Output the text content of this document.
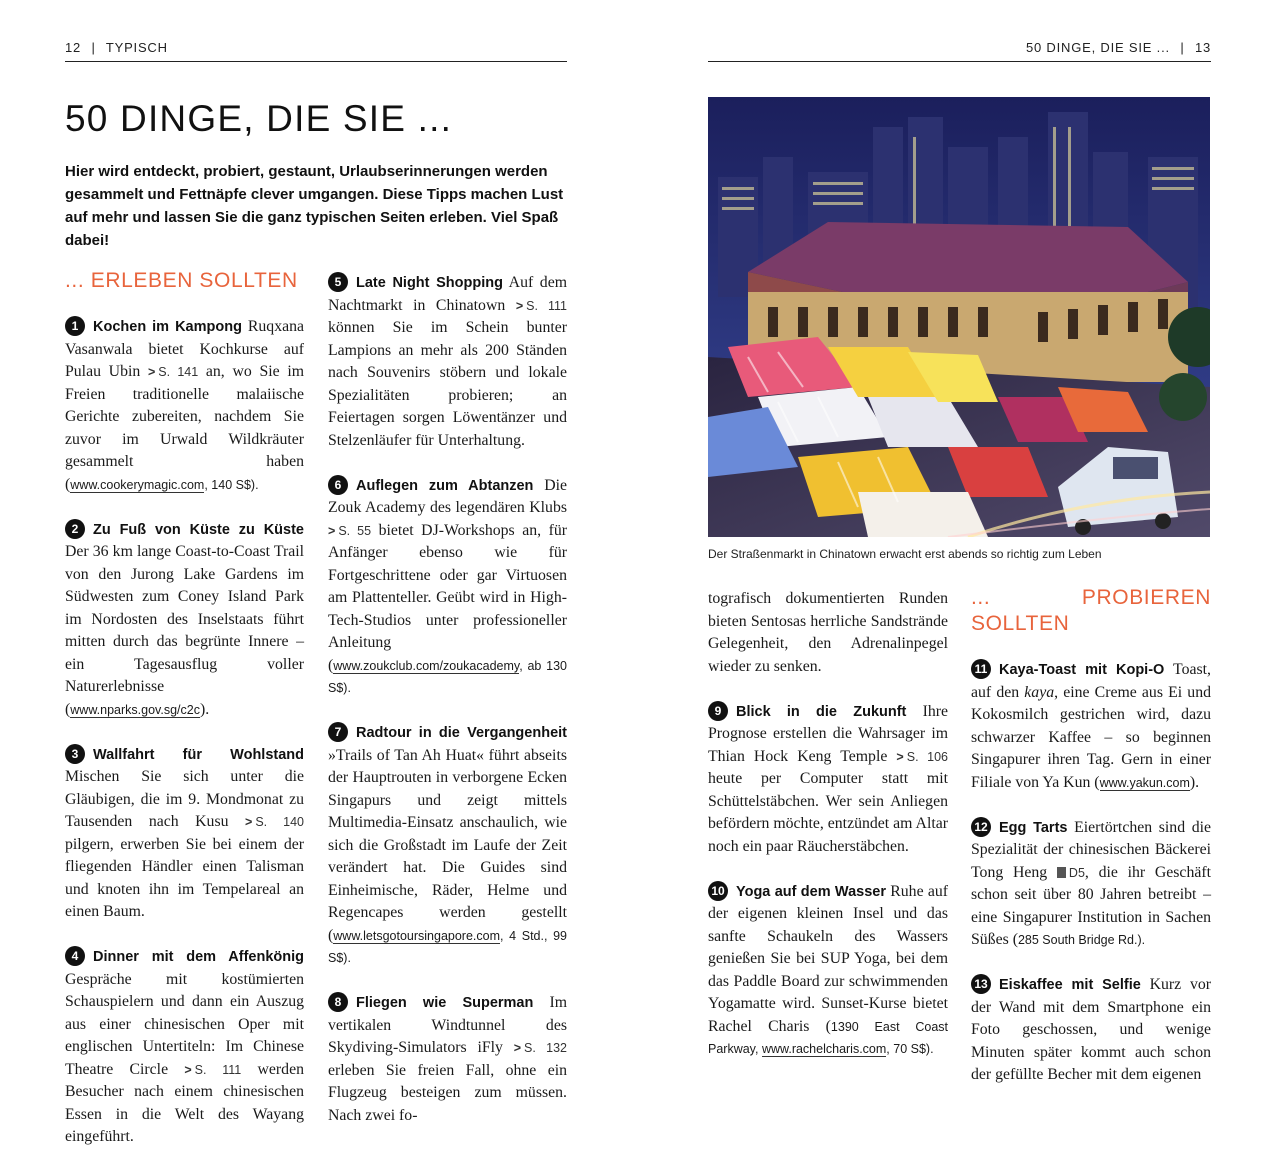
12 | TYPISCH	50 DINGE, DIE SIE ... | 13
50 DINGE, DIE SIE ...
Hier wird entdeckt, probiert, gestaunt, Urlaubserinnerungen werden gesammelt und Fettnäpfe clever umgangen. Diese Tipps machen Lust auf mehr und lassen Sie die ganz typischen Seiten erleben. Viel Spaß dabei!
... ERLEBEN SOLLTEN

1 Kochen im Kampong Ruqxana Vasanwala bietet Kochkurse auf Pulau Ubin > S. 141 an, wo Sie im Freien traditionelle malaiische Gerichte zubereiten, nachdem Sie zuvor im Urwald Wildkräuter gesammelt haben (www.cookerymagic.com, 140 S$).

2 Zu Fuß von Küste zu Küste Der 36 km lange Coast-to-Coast Trail von den Jurong Lake Gardens im Südwesten zum Coney Island Park im Nordosten des Inselstaats führt mitten durch das begrünte Innere – ein Tagesausflug voller Naturerlebnisse (www.nparks.gov.sg/c2c).

3 Wallfahrt für Wohlstand Mischen Sie sich unter die Gläubigen, die im 9. Mondmonat zu Tausenden nach Kusu > S. 140 pilgern, erwerben Sie bei einem der fliegenden Händler einen Talisman und knoten ihn im Tempelareal an einen Baum.

4 Dinner mit dem Affenkönig Gespräche mit kostümierten Schauspielern und dann ein Auszug aus einer chinesischen Oper mit englischen Untertiteln: Im Chinese Theatre Circle > S. 111 werden Besucher nach einem chinesischen Essen in die Welt des Wayang eingeführt.

5 Late Night Shopping Auf dem Nachtmarkt in Chinatown > S. 111 können Sie im Schein bunter Lampions an mehr als 200 Ständen nach Souvenirs stöbern und lokale Spezialitäten probieren; an Feiertagen sorgen Löwentänzer und Stelzenläufer für Unterhaltung.

6 Auflegen zum Abtanzen Die Zouk Academy des legendären Klubs > S. 55 bietet DJ-Workshops an, für Anfänger ebenso wie für Fortgeschrittene oder gar Virtuosen am Plattenteller. Geübt wird in High-Tech-Studios unter professioneller Anleitung (www.zoukclub.com/zoukacademy, ab 130 S$).

7 Radtour in die Vergangenheit »Trails of Tan Ah Huat« führt abseits der Hauptrouten in verborgene Ecken Singapurs und zeigt mittels Multimedia-Einsatz anschaulich, wie sich die Großstadt im Laufe der Zeit verändert hat. Die Guides sind Einheimische, Räder, Helme und Regencapes werden gestellt (www.letsgotoursingapore.com, 4 Std., 99 S$).

8 Fliegen wie Superman Im vertikalen Windtunnel des Skydiving-Simulators iFly > S. 132 erleben Sie freien Fall, ohne ein Flugzeug besteigen zum müssen. Nach zwei fo-

Der Straßenmarkt in Chinatown erwacht erst abends so richtig zum Leben

tografisch dokumentierten Runden bieten Sentosas herrliche Sandstrände Gelegenheit, den Adrenalinpegel wieder zu senken.

9 Blick in die Zukunft Ihre Prognose erstellen die Wahrsager im Thian Hock Keng Temple > S. 106 heute per Computer statt mit Schüttelstäbchen. Wer sein Anliegen befördern möchte, entzündet am Altar noch ein paar Räucherstäbchen.

10 Yoga auf dem Wasser Ruhe auf der eigenen kleinen Insel und das sanfte Schaukeln des Wassers genießen Sie bei SUP Yoga, bei dem das Paddle Board zur schwimmenden Yogamatte wird. Sunset-Kurse bietet Rachel Charis (1390 East Coast Parkway, www.rachelcharis.com, 70 S$).

... PROBIEREN SOLLTEN

11 Kaya-Toast mit Kopi-O Toast, auf den kaya, eine Creme aus Ei und Kokosmilch gestrichen wird, dazu schwarzer Kaffee – so beginnen Singapurer ihren Tag. Gern in einer Filiale von Ya Kun (www.yakun.com).

12 Egg Tarts Eiertörtchen sind die Spezialität der chinesischen Bäckerei Tong Heng D5, die ihr Geschäft schon seit über 80 Jahren betreibt – eine Singapurer Institution in Sachen Süßes (285 South Bridge Rd.).

13 Eiskaffee mit Selfie Kurz vor der Wand mit dem Smartphone ein Foto geschossen, und wenige Minuten später kommt auch schon der gefüllte Becher mit dem eigenen
